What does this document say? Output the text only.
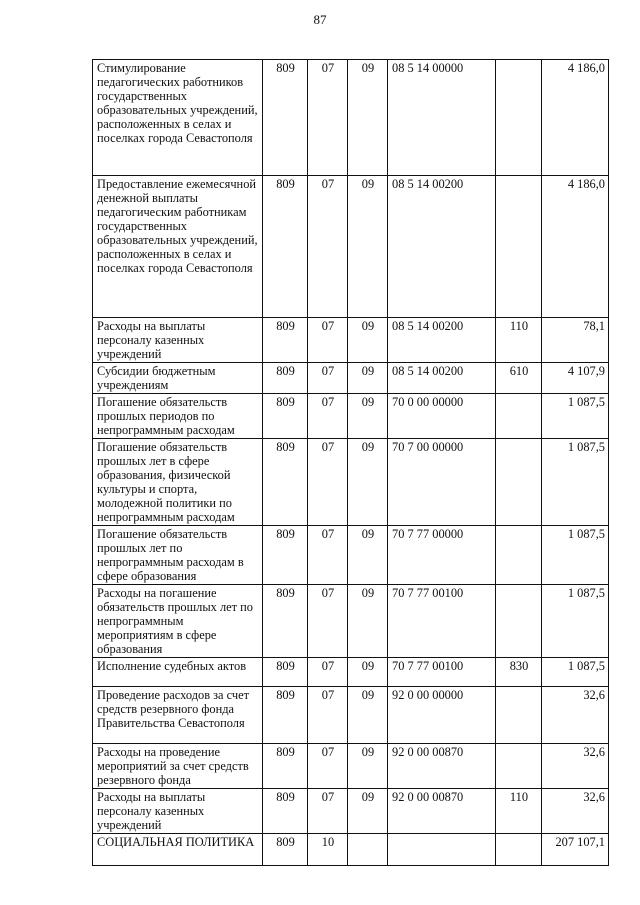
87
Стимулирование педагогических работников государственных образовательных учреждений, расположенных в селах и поселках города Севастополя	809	07	09	08 5 14 00000		4 186,0
Предоставление ежемесячной денежной выплаты педагогическим работникам государственных образовательных учреждений, расположенных в селах и поселках города Севастополя	809	07	09	08 5 14 00200		4 186,0
Расходы на выплаты персоналу казенных учреждений	809	07	09	08 5 14 00200	110	78,1
Субсидии бюджетным учреждениям	809	07	09	08 5 14 00200	610	4 107,9
Погашение обязательств прошлых периодов по непрограммным расходам	809	07	09	70 0 00 00000		1 087,5
Погашение обязательств прошлых лет в сфере образования, физической культуры и спорта, молодежной политики по непрограммным расходам	809	07	09	70 7 00 00000		1 087,5
Погашение обязательств прошлых лет по непрограммным расходам в сфере образования	809	07	09	70 7 77 00000		1 087,5
Расходы на погашение обязательств прошлых лет по непрограммным мероприятиям в сфере образования	809	07	09	70 7 77 00100		1 087,5
Исполнение судебных актов	809	07	09	70 7 77 00100	830	1 087,5
Проведение расходов за счет средств резервного фонда Правительства Севастополя	809	07	09	92 0 00 00000		32,6
Расходы на проведение мероприятий за счет средств резервного фонда	809	07	09	92 0 00 00870		32,6
Расходы на выплаты персоналу казенных учреждений	809	07	09	92 0 00 00870	110	32,6
СОЦИАЛЬНАЯ ПОЛИТИКА	809	10				207 107,1
